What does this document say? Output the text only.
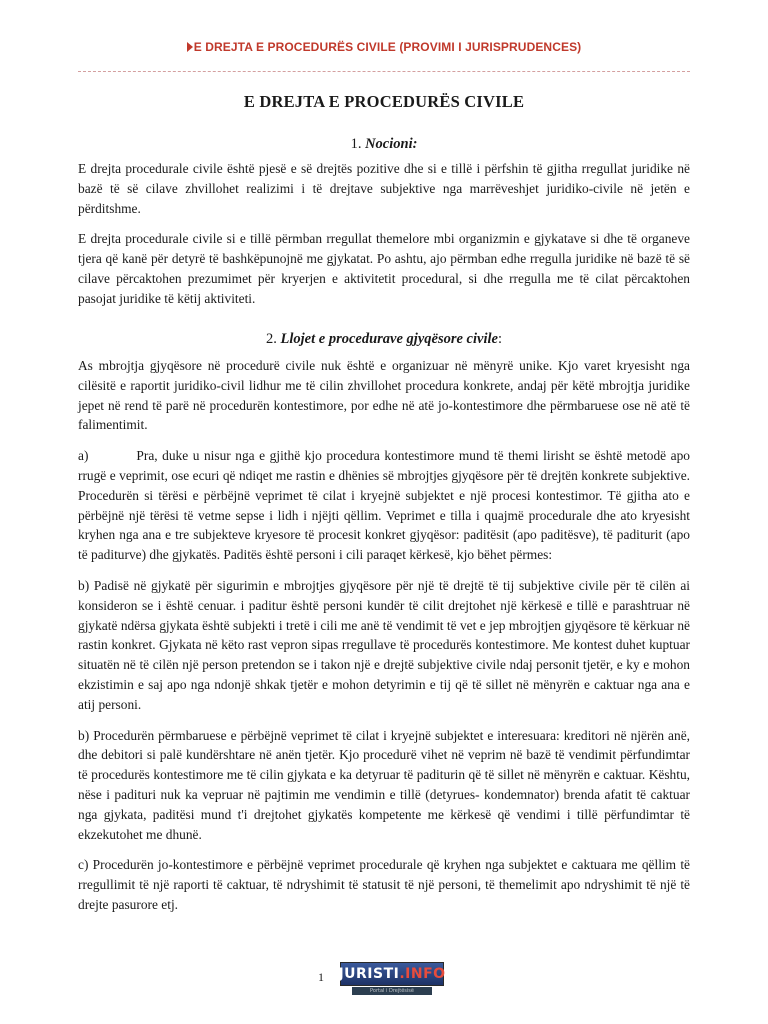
E DREJTA E PROCEDURËS CIVILE (PROVIMI I JURISPRUDENCES)
E DREJTA E PROCEDURËS CIVILE
1. Nocioni:

E drejta procedurale civile është pjesë e së drejtës pozitive dhe si e tillë i përfshin të gjitha rregullat juridike në bazë të së cilave zhvillohet realizimi i të drejtave subjektive nga marrëveshjet juridiko-civile në jetën e përditshme.

E drejta procedurale civile si e tillë përmban rregullat themelore mbi organizmin e gjykatave si dhe të organeve tjera që kanë për detyrë të bashkëpunojnë me gjykatat. Po ashtu, ajo përmban edhe rregulla juridike në bazë të së cilave përcaktohen prezumimet për kryerjen e aktivitetit procedural, si dhe rregulla me të cilat përcaktohen pasojat juridike të këtij aktiviteti.

2. Llojet e procedurave gjyqësore civile:

As mbrojtja gjyqësore në procedurë civile nuk është e organizuar në mënyrë unike. Kjo varet kryesisht nga cilësitë e raportit juridiko-civil lidhur me të cilin zhvillohet procedura konkrete, andaj për këtë mbrojtja juridike jepet në rend të parë në procedurën kontestimore, por edhe në atë jo-kontestimore dhe përmbaruese ose në atë të falimentimit.

a)	Pra, duke u nisur nga e gjithë kjo procedura kontestimore mund të themi lirisht se është metodë apo rrugë e veprimit, ose ecuri që ndiqet me rastin e dhënies së mbrojtjes gjyqësore për të drejtën konkrete subjektive. Procedurën si tërësi e përbëjnë veprimet të cilat i kryejnë subjektet e një procesi kontestimor. Të gjitha ato e përbëjnë një tërësi të vetme sepse i lidh i njëjti qëllim. Veprimet e tilla i quajmë procedurale dhe ato kryesisht kryhen nga ana e tre subjekteve kryesore të procesit konkret gjyqësor: paditësit (apo paditësve), të paditurit (apo të paditurve) dhe gjykatës. Paditës është personi i cili paraqet kërkesë, kjo bëhet përmes:

b) Padisë në gjykatë për sigurimin e mbrojtjes gjyqësore për një të drejtë të tij subjektive civile për të cilën ai konsideron se i është cenuar. i paditur është personi kundër të cilit drejtohet një kërkesë e tillë e parashtruar në gjykatë ndërsa gjykata është subjekti i tretë i cili me anë të vendimit të vet e jep mbrojtjen gjyqësore të kërkuar në rastin konkret. Gjykata në këto rast vepron sipas rregullave të procedurës kontestimore. Me kontest duhet kuptuar situatën në të cilën një person pretendon se i takon një e drejtë subjektive civile ndaj personit tjetër, e ky e mohon ekzistimin e saj apo nga ndonjë shkak tjetër e mohon detyrimin e tij që të sillet në mënyrën e caktuar nga ana e atij personi.

b) Procedurën përmbaruese e përbëjnë veprimet të cilat i kryejnë subjektet e interesuara: kreditori në njërën anë, dhe debitori si palë kundërshtare në anën tjetër. Kjo procedurë vihet në veprim në bazë të vendimit përfundimtar të procedurës kontestimore me të cilin gjykata e ka detyruar të paditurin që të sillet në mënyrën e caktuar. Kështu, nëse i padituri nuk ka vepruar në pajtimin me vendimin e tillë (detyrues- kondemnator) brenda afatit të caktuar nga gjykata, paditësi mund t'i drejtohet gjykatës kompetente me kërkesë që vendimi i tillë përfundimtar të ekzekutohet me dhunë.

c) Procedurën jo-kontestimore e përbëjnë veprimet procedurale që kryhen nga subjektet e caktuara me qëllim të rregullimit të një raporti të caktuar, të ndryshimit të statusit të një personi, të themelimit apo ndryshimit të një të drejte pasurore etj.

1 JURISTI .INFO
Portal i Drejtësisë
